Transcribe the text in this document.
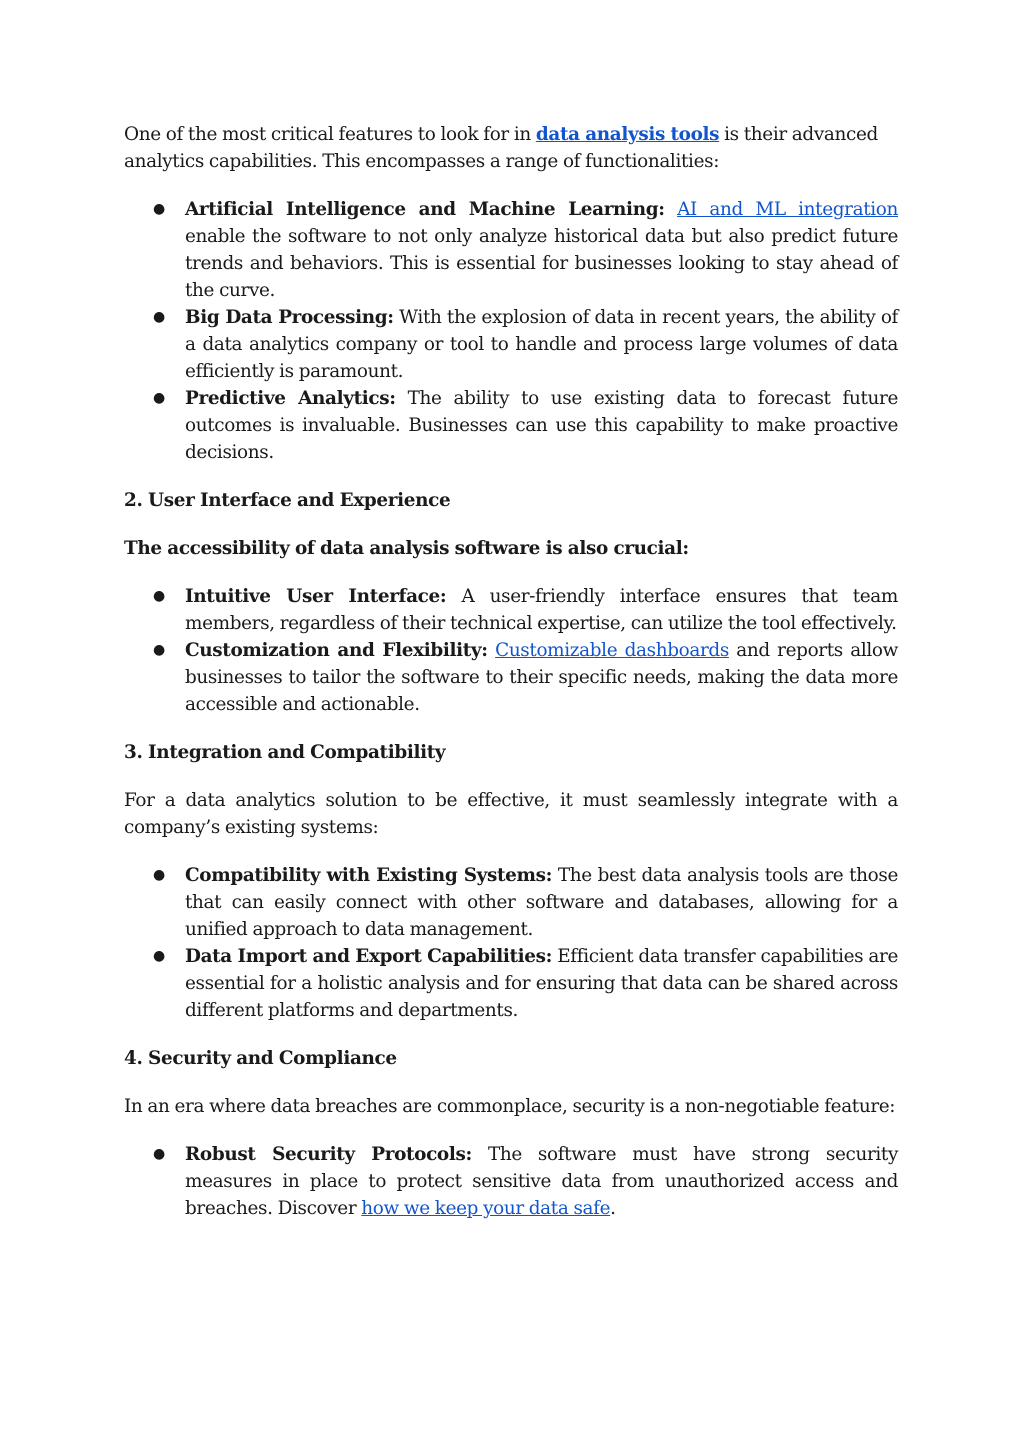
One of the most critical features to look for in data analysis tools is their advanced analytics capabilities. This encompasses a range of functionalities:

● Artificial Intelligence and Machine Learning: AI and ML integration enable the software to not only analyze historical data but also predict future trends and behaviors. This is essential for businesses looking to stay ahead of the curve.
● Big Data Processing: With the explosion of data in recent years, the ability of a data analytics company or tool to handle and process large volumes of data efficiently is paramount.
● Predictive Analytics: The ability to use existing data to forecast future outcomes is invaluable. Businesses can use this capability to make proactive decisions.

2. User Interface and Experience

The accessibility of data analysis software is also crucial:

● Intuitive User Interface: A user-friendly interface ensures that team members, regardless of their technical expertise, can utilize the tool effectively.
● Customization and Flexibility: Customizable dashboards and reports allow businesses to tailor the software to their specific needs, making the data more accessible and actionable.

3. Integration and Compatibility

For a data analytics solution to be effective, it must seamlessly integrate with a company’s existing systems:

● Compatibility with Existing Systems: The best data analysis tools are those that can easily connect with other software and databases, allowing for a unified approach to data management.
● Data Import and Export Capabilities: Efficient data transfer capabilities are essential for a holistic analysis and for ensuring that data can be shared across different platforms and departments.

4. Security and Compliance

In an era where data breaches are commonplace, security is a non-negotiable feature:

● Robust Security Protocols: The software must have strong security measures in place to protect sensitive data from unauthorized access and breaches. Discover how we keep your data safe.
